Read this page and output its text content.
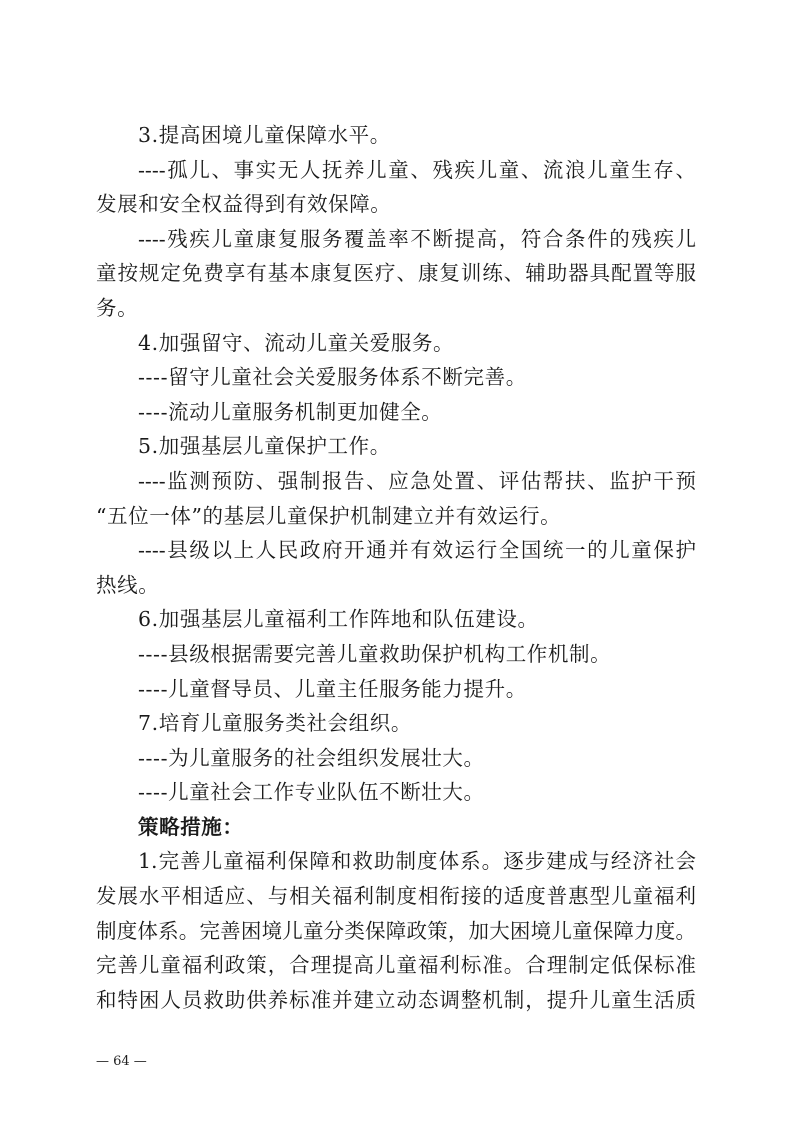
3.提高困境儿童保障水平。
----孤儿、事实无人抚养儿童、残疾儿童、流浪儿童生存、
发展和安全权益得到有效保障。
----残疾儿童康复服务覆盖率不断提高，符合条件的残疾儿
童按规定免费享有基本康复医疗、康复训练、辅助器具配置等服
务。
4.加强留守、流动儿童关爱服务。
----留守儿童社会关爱服务体系不断完善。
----流动儿童服务机制更加健全。
5.加强基层儿童保护工作。
----监测预防、强制报告、应急处置、评估帮扶、监护干预
“五位一体”的基层儿童保护机制建立并有效运行。
----县级以上人民政府开通并有效运行全国统一的儿童保护
热线。
6.加强基层儿童福利工作阵地和队伍建设。
----县级根据需要完善儿童救助保护机构工作机制。
----儿童督导员、儿童主任服务能力提升。
7.培育儿童服务类社会组织。
----为儿童服务的社会组织发展壮大。
----儿童社会工作专业队伍不断壮大。
策略措施：
1.完善儿童福利保障和救助制度体系。逐步建成与经济社会
发展水平相适应、与相关福利制度相衔接的适度普惠型儿童福利
制度体系。完善困境儿童分类保障政策，加大困境儿童保障力度。
完善儿童福利政策，合理提高儿童福利标准。合理制定低保标准
和特困人员救助供养标准并建立动态调整机制，提升儿童生活质
— 64 —
